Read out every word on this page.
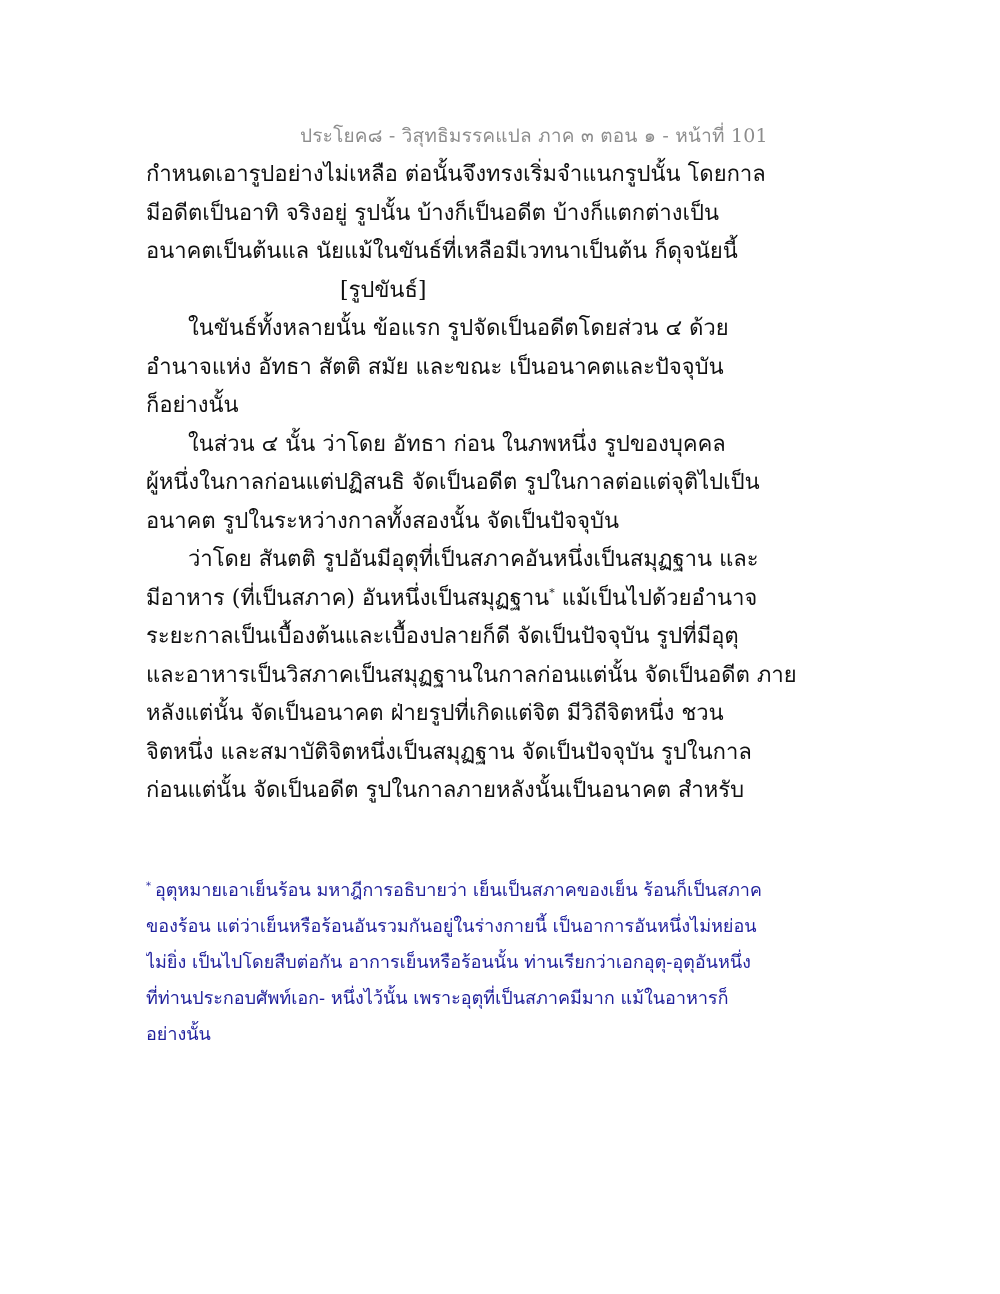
ประโยค๘ - วิสุทธิมรรคแปล ภาค ๓ ตอน ๑ - หน้าที่ 101
กำหนดเอารูปอย่างไม่เหลือ ต่อนั้นจึงทรงเริ่มจำแนกรูปนั้น โดยกาล
มีอดีตเป็นอาทิ จริงอยู่ รูปนั้น บ้างก็เป็นอดีต บ้างก็แตกต่างเป็น
อนาคตเป็นต้นแล นัยแม้ในขันธ์ที่เหลือมีเวทนาเป็นต้น ก็ดุจนัยนี้
[รูปขันธ์]
ในขันธ์ทั้งหลายนั้น ข้อแรก รูปจัดเป็นอดีตโดยส่วน ๔ ด้วย
อำนาจแห่ง อัทธา สัตติ สมัย และขณะ เป็นอนาคตและปัจจุบัน
ก็อย่างนั้น
ในส่วน ๔ นั้น ว่าโดย อัทธา ก่อน ในภพหนึ่ง รูปของบุคคล
ผู้หนึ่งในกาลก่อนแต่ปฏิสนธิ จัดเป็นอดีต รูปในกาลต่อแต่จุติไปเป็น
อนาคต รูปในระหว่างกาลทั้งสองนั้น จัดเป็นปัจจุบัน
ว่าโดย สันตติ รูปอันมีอุตุที่เป็นสภาคอันหนึ่งเป็นสมุฏฐาน และ
มีอาหาร (ที่เป็นสภาค) อันหนึ่งเป็นสมุฏฐาน* แม้เป็นไปด้วยอำนาจ
ระยะกาลเป็นเบื้องต้นและเบื้องปลายก็ดี จัดเป็นปัจจุบัน รูปที่มีอุตุ
และอาหารเป็นวิสภาคเป็นสมุฏฐานในกาลก่อนแต่นั้น จัดเป็นอดีต ภาย
หลังแต่นั้น จัดเป็นอนาคต ฝ่ายรูปที่เกิดแต่จิต มีวิถีจิตหนึ่ง ชวน
จิตหนึ่ง และสมาบัติจิตหนึ่งเป็นสมุฏฐาน จัดเป็นปัจจุบัน รูปในกาล
ก่อนแต่นั้น จัดเป็นอดีต รูปในกาลภายหลังนั้นเป็นอนาคต สำหรับ
* อุตุหมายเอาเย็นร้อน มหาฎีการอธิบายว่า เย็นเป็นสภาคของเย็น ร้อนก็เป็นสภาค
ของร้อน แต่ว่าเย็นหรือร้อนอันรวมกันอยู่ในร่างกายนี้ เป็นอาการอันหนึ่งไม่หย่อน
ไม่ยิ่ง เป็นไปโดยสืบต่อกัน อาการเย็นหรือร้อนนั้น ท่านเรียกว่าเอกอุตุ-อุตุอันหนึ่ง
ที่ท่านประกอบศัพท์เอก- หนึ่งไว้นั้น เพราะอุตุที่เป็นสภาคมีมาก แม้ในอาหารก็
อย่างนั้น
